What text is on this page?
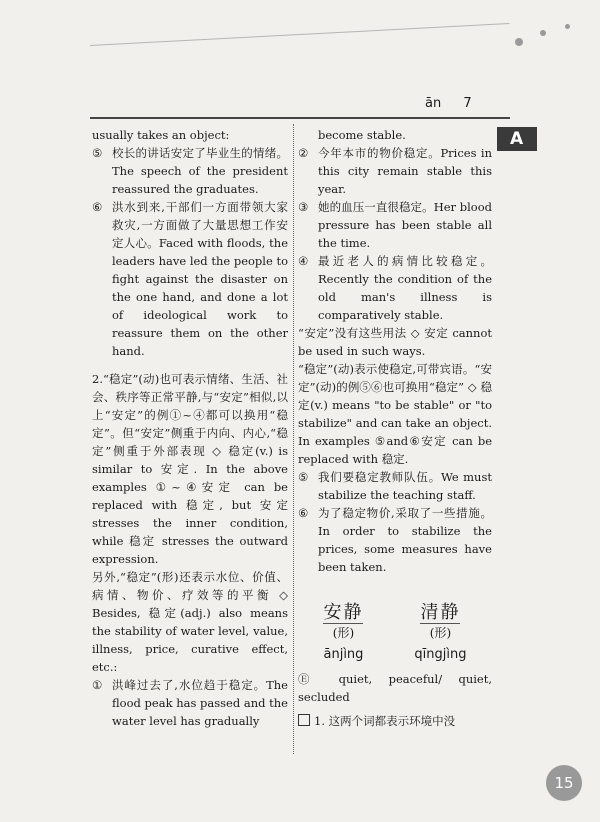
ān 7
A

usually takes an object:

⑤ 校长的讲话安定了毕业生的情绪。The speech of the president reassured the graduates.
⑥ 洪水到来,干部们一方面带领大家救灾,一方面做了大量思想工作安定人心。Faced with floods, the leaders have led the people to fight against the disaster on the one hand, and done a lot of ideological work to reassure them on the other hand.

2.“稳定”(动)也可表示情绪、生活、社会、秩序等正常平静,与“安定”相似,以上“安定”的例①~④都可以换用“稳定”。但“安定”侧重于内向、内心,“稳定”侧重于外部表现 ◇ 稳定(v.) is similar to 安定. In the above examples ①~④安定 can be replaced with 稳定, but 安定 stresses the inner condition, while 稳定 stresses the outward expression.

另外,“稳定”(形)还表示水位、价值、病情、物价、疗效等的平衡 ◇ Besides, 稳定(adj.) also means the stability of water level, value, illness, price, curative effect, etc.:

① 洪峰过去了,水位趋于稳定。The flood peak has passed and the water level has gradually

become stable.

② 今年本市的物价稳定。Prices in this city remain stable this year.
③ 她的血压一直很稳定。Her blood pressure has been stable all the time.
④ 最近老人的病情比较稳定。Recently the condition of the old man's illness is comparatively stable.

“安定”没有这些用法 ◇ 安定 cannot be used in such ways.

“稳定”(动)表示使稳定,可带宾语。“安定”(动)的例⑤⑥也可换用“稳定” ◇ 稳定(v.) means "to be stable" or "to stabilize" and can take an object. In examples ⑤and⑥安定 can be replaced with 稳定.

⑤ 我们要稳定教师队伍。We must stabilize the teaching staff.
⑥ 为了稳定物价,采取了一些措施。In order to stabilize the prices, some measures have been taken.
安静
(形)
ānjìng
清静
(形)
qīngjìng

Ⓔ quiet, peaceful/ quiet, secluded

1. 这两个词都表示环境中没

15
